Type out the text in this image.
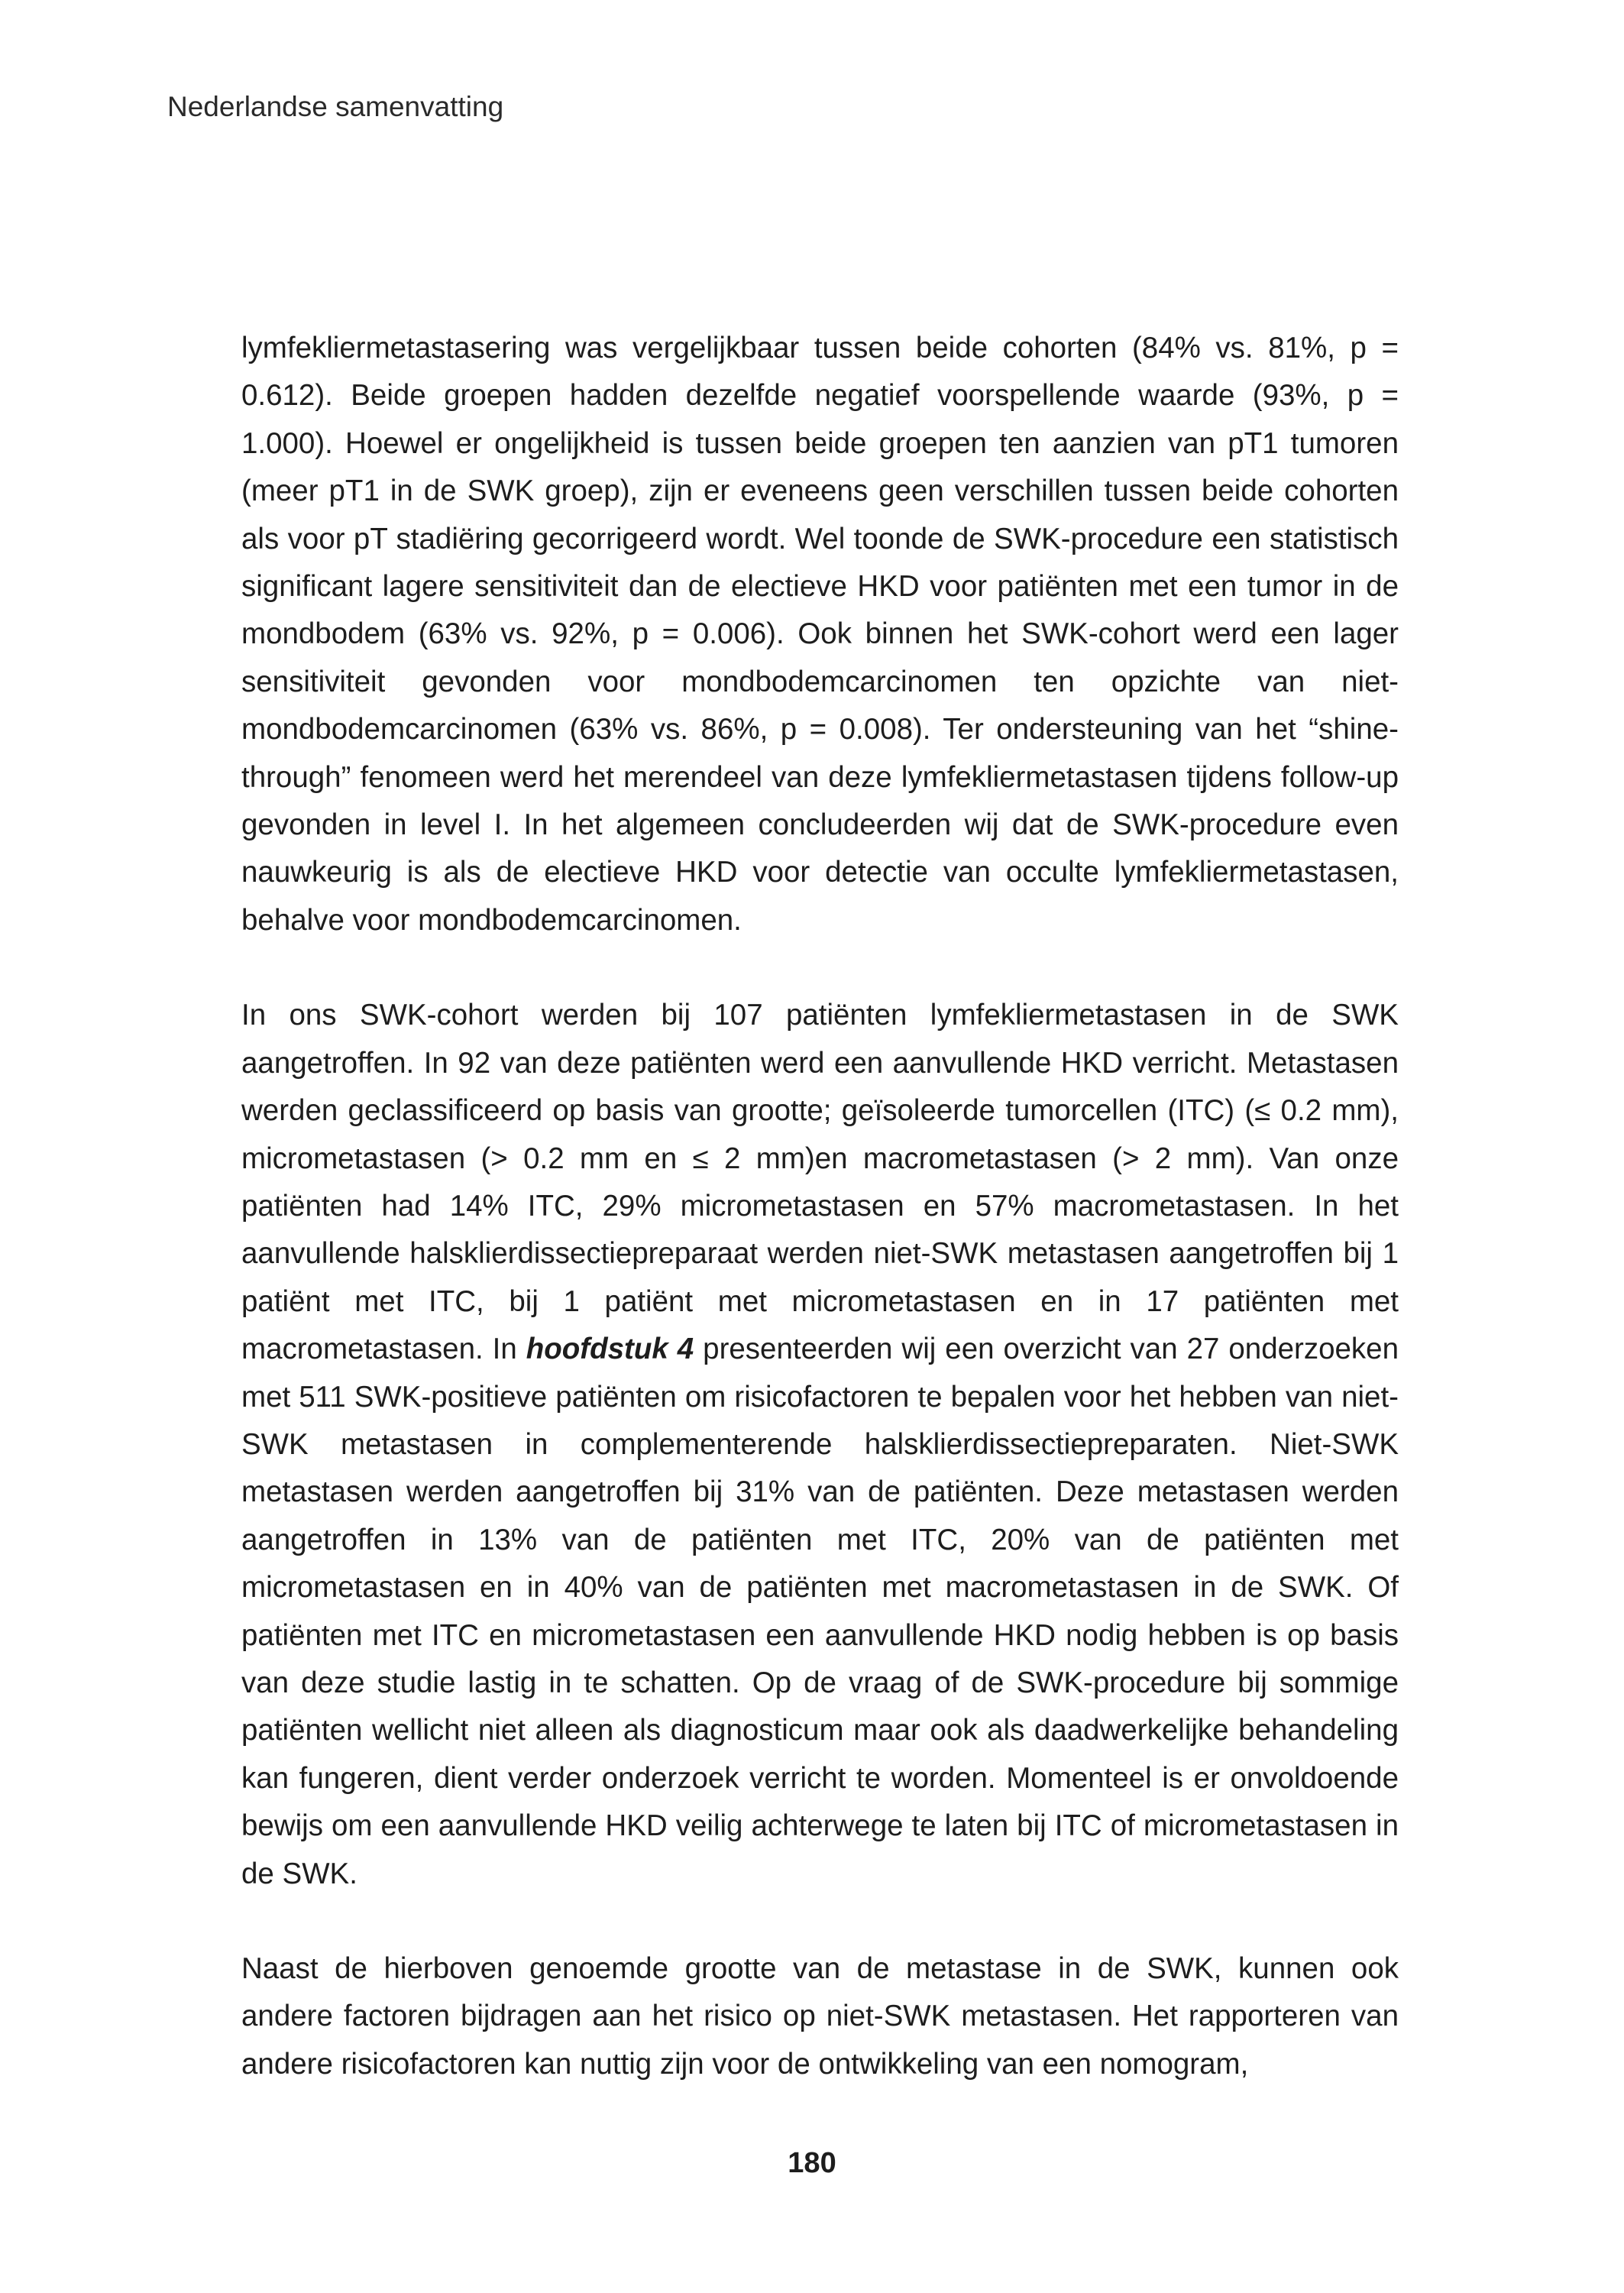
Nederlandse samenvatting

lymfekliermetastasering was vergelijkbaar tussen beide cohorten (84% vs. 81%, p = 0.612). Beide groepen hadden dezelfde negatief voorspellende waarde (93%, p = 1.000). Hoewel er ongelijkheid is tussen beide groepen ten aanzien van pT1 tumoren (meer pT1 in de SWK groep), zijn er eveneens geen verschillen tussen beide cohorten als voor pT stadiëring gecorrigeerd wordt. Wel toonde de SWK-procedure een statistisch significant lagere sensitiviteit dan de electieve HKD voor patiënten met een tumor in de mondbodem (63% vs. 92%, p = 0.006). Ook binnen het SWK-cohort werd een lager sensitiviteit gevonden voor mondbodemcarcinomen ten opzichte van niet-mondbodemcarcinomen (63% vs. 86%, p = 0.008). Ter ondersteuning van het “shine-through” fenomeen werd het merendeel van deze lymfekliermetastasen tijdens follow-up gevonden in level I. In het algemeen concludeerden wij dat de SWK-procedure even nauwkeurig is als de electieve HKD voor detectie van occulte lymfekliermetastasen, behalve voor mondbodemcarcinomen.

In ons SWK-cohort werden bij 107 patiënten lymfekliermetastasen in de SWK aangetroffen. In 92 van deze patiënten werd een aanvullende HKD verricht. Metastasen werden geclassificeerd op basis van grootte; geïsoleerde tumorcellen (ITC) (≤ 0.2 mm), micrometastasen (> 0.2 mm en ≤ 2 mm)en macrometastasen (> 2 mm). Van onze patiënten had 14% ITC, 29% micrometastasen en 57% macrometastasen. In het aanvullende halsklierdissectiepreparaat werden niet-SWK metastasen aangetroffen bij 1 patiënt met ITC, bij 1 patiënt met micrometastasen en in 17 patiënten met macrometastasen. In hoofdstuk 4 presenteerden wij een overzicht van 27 onderzoeken met 511 SWK-positieve patiënten om risicofactoren te bepalen voor het hebben van niet-SWK metastasen in complementerende halsklierdissectiepreparaten. Niet-SWK metastasen werden aangetroffen bij 31% van de patiënten. Deze metastasen werden aangetroffen in 13% van de patiënten met ITC, 20% van de patiënten met micrometastasen en in 40% van de patiënten met macrometastasen in de SWK. Of patiënten met ITC en micrometastasen een aanvullende HKD nodig hebben is op basis van deze studie lastig in te schatten. Op de vraag of de SWK-procedure bij sommige patiënten wellicht niet alleen als diagnosticum maar ook als daadwerkelijke behandeling kan fungeren, dient verder onderzoek verricht te worden. Momenteel is er onvoldoende bewijs om een aanvullende HKD veilig achterwege te laten bij ITC of micrometastasen in de SWK.

Naast de hierboven genoemde grootte van de metastase in de SWK, kunnen ook andere factoren bijdragen aan het risico op niet-SWK metastasen. Het rapporteren van andere risicofactoren kan nuttig zijn voor de ontwikkeling van een nomogram,

180
